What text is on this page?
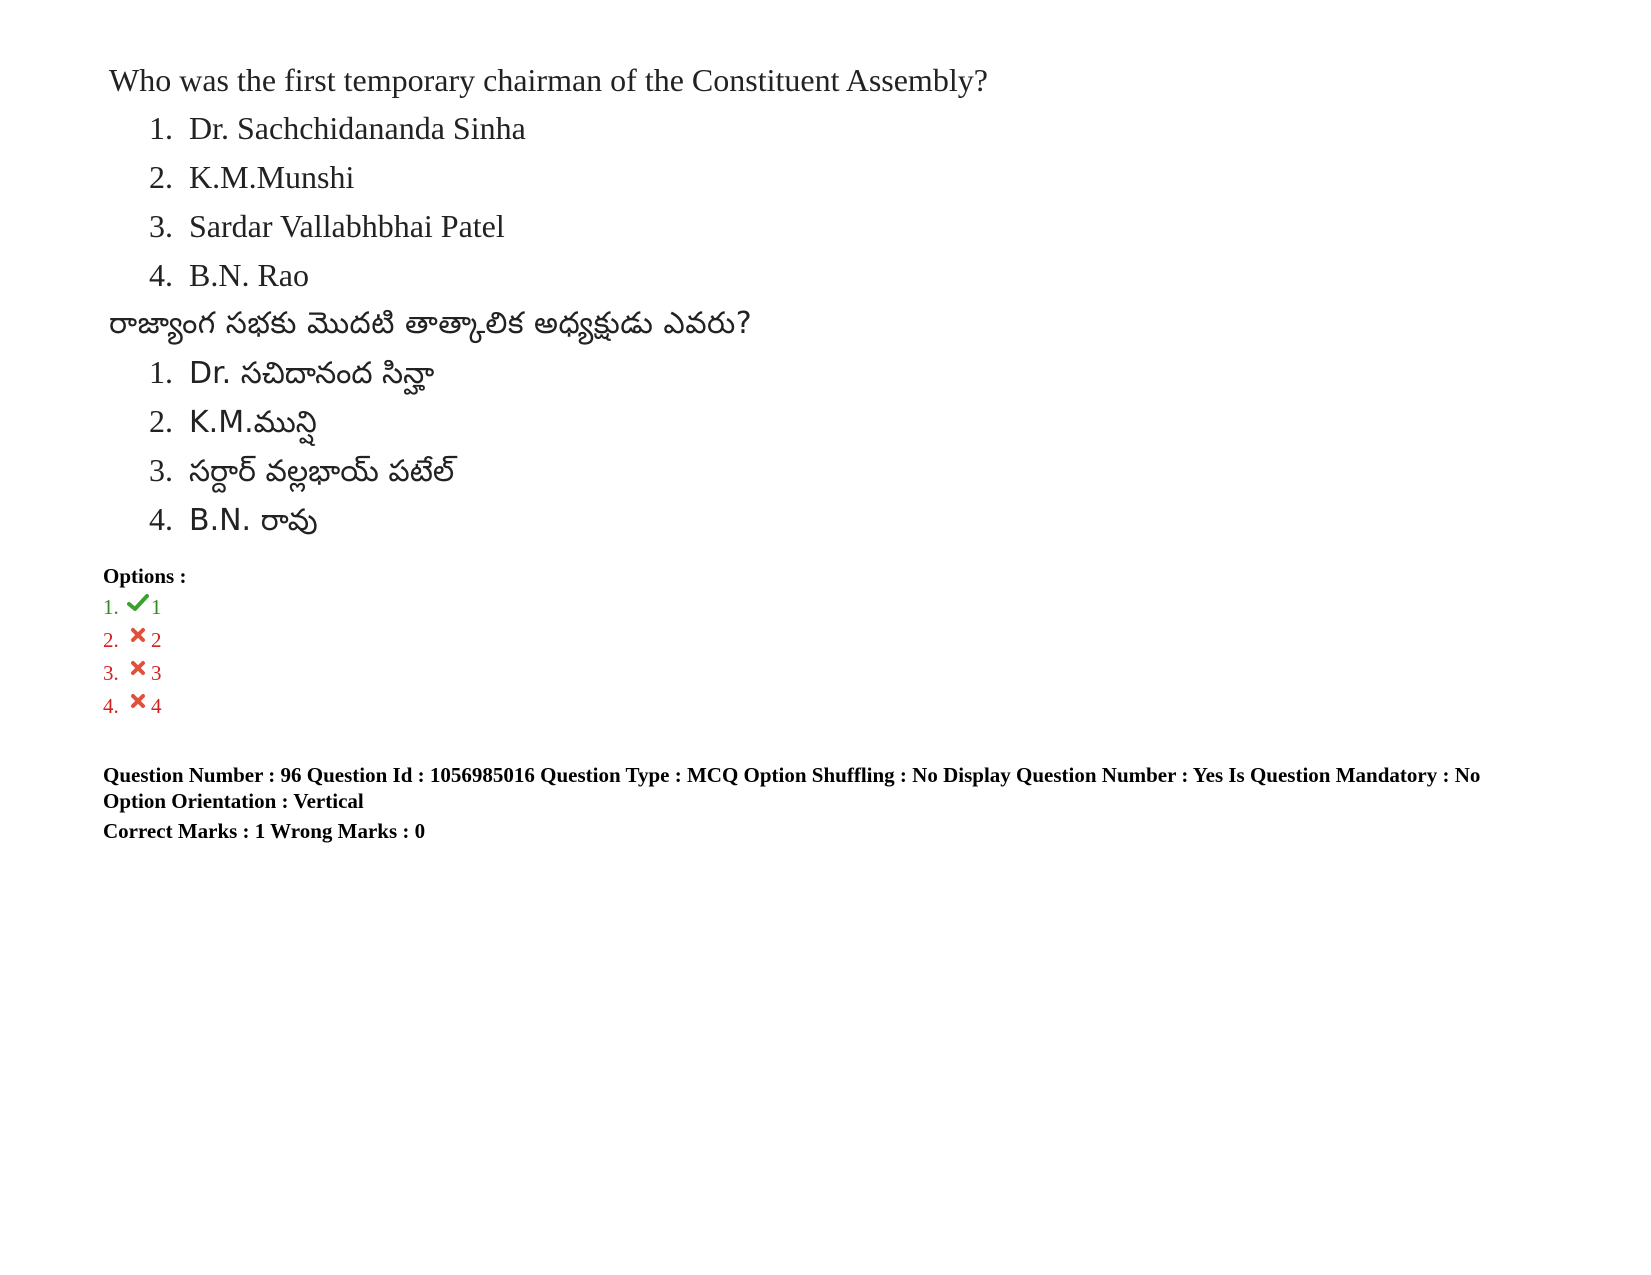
Who was the first temporary chairman of the Constituent Assembly?
1. Dr. Sachchidananda Sinha
2. K.M.Munshi
3. Sardar Vallabhbhai Patel
4. B.N. Rao
రాజ్యాంగ సభకు మొదటి తాత్కాలిక అధ్యక్షుడు ఎవరు?
1. Dr. సచిదానంద సిన్హా
2. K.M.మున్షి
3. సర్దార్ వల్లభాయ్ పటేల్
4. B.N. రావు
Options :
1. 1
2. 2
3. 3
4. 4
Question Number : 96 Question Id : 1056985016 Question Type : MCQ Option Shuffling : No Display Question Number : Yes Is Question Mandatory : No
Option Orientation : Vertical
Correct Marks : 1 Wrong Marks : 0
